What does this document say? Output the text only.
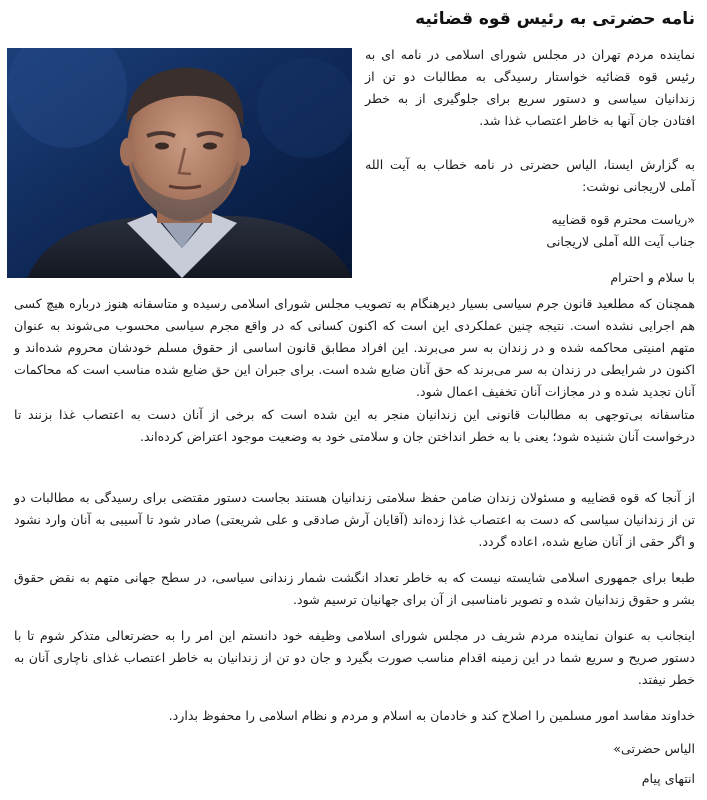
نامه حضرتی به رئیس قوه قضائیه

نماینده مردم تهران در مجلس شورای اسلامی در نامه ای به رئیس قوه قضائیه خواستار رسیدگی به مطالبات دو تن از زندانیان سیاسی و دستور سریع برای جلوگیری از به خطر افتادن جان آنها به خاطر اعتصاب غذا شد.

به گزارش ایسنا، الیاس حضرتی در نامه خطاب به آیت الله آملی لاریجانی نوشت:

«ریاست محترم قوه قضاییه

جناب آیت الله آملی لاریجانی

با سلام و احترام

همچنان که مطلعید قانون جرم سیاسی بسیار دیرهنگام به تصویب مجلس شورای اسلامی رسیده و متاسفانه هنوز درباره هیچ کسی هم اجرایی نشده است. نتیجه چنین عملکردی این است که اکنون کسانی که در واقع مجرم سیاسی محسوب می‌شوند به عنوان متهم امنیتی محاکمه شده و در زندان به سر می‌برند. این افراد مطابق قانون اساسی از حقوق مسلم خودشان محروم شده‌اند و اکنون در شرایطی در زندان به سر می‌برند که حق آنان ضایع شده است. برای جبران این حق ضایع شده مناسب است که محاکمات آنان تجدید شده و در مجازات آنان تخفیف اعمال شود.

متاسفانه بی‌توجهی به مطالبات قانونی این زندانیان منجر به این شده است که برخی از آنان دست به اعتصاب غذا بزنند تا درخواست آنان شنیده شود؛ یعنی با به خطر انداختن جان و سلامتی خود به وضعیت موجود اعتراض کرده‌اند.

از آنجا که قوه قضاییه و مسئولان زندان ضامن حفظ سلامتی زندانیان هستند بجاست دستور مقتضی برای رسیدگی به مطالبات دو تن از زندانیان سیاسی که دست به اعتصاب غذا زده‌اند (آقایان آرش صادقی و علی شریعتی) صادر شود تا آسیبی به آنان وارد نشود و اگر حقی از آنان ضایع شده، اعاده گردد.

طبعا برای جمهوری اسلامی شایسته نیست که به خاطر تعداد انگشت شمار زندانی سیاسی، در سطح جهانی متهم به نقض حقوق بشر و حقوق زندانیان شده و تصویر نامناسبی از آن برای جهانیان ترسیم شود.

اینجانب به عنوان نماینده مردم شریف در مجلس شورای اسلامی وظیفه خود دانستم این امر را به حضرتعالی متذکر شوم تا با دستور صریح و سریع شما در این زمینه اقدام مناسب صورت بگیرد و جان دو تن از زندانیان به خاطر اعتصاب غذای ناچاری آنان به خطر نیفتد.

خداوند مفاسد امور مسلمین را اصلاح کند و خادمان به اسلام و مردم و نظام اسلامی را محفوظ بدارد.

الیاس حضرتی»

انتهای پیام
